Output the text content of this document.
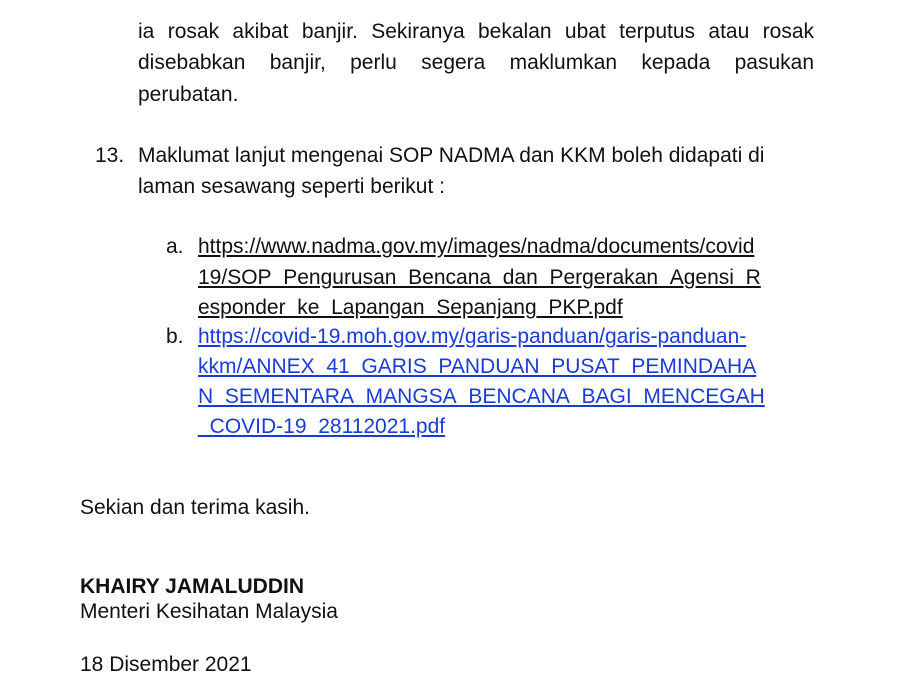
ia rosak akibat banjir. Sekiranya bekalan ubat terputus atau rosak
disebabkan banjir, perlu segera maklumkan kepada pasukan
perubatan.
13. Maklumat lanjut mengenai SOP NADMA dan KKM boleh didapati di
laman sesawang seperti berikut :
a. https://www.nadma.gov.my/images/nadma/documents/covid
19/SOP_Pengurusan_Bencana_dan_Pergerakan_Agensi_R
esponder_ke_Lapangan_Sepanjang_PKP.pdf
b. https://covid-19.moh.gov.my/garis-panduan/garis-panduan-
kkm/ANNEX_41_GARIS_PANDUAN_PUSAT_PEMINDAHA
N_SEMENTARA_MANGSA_BENCANA_BAGI_MENCEGAH
_COVID-19_28112021.pdf
Sekian dan terima kasih.
KHAIRY JAMALUDDIN
Menteri Kesihatan Malaysia
18 Disember 2021
